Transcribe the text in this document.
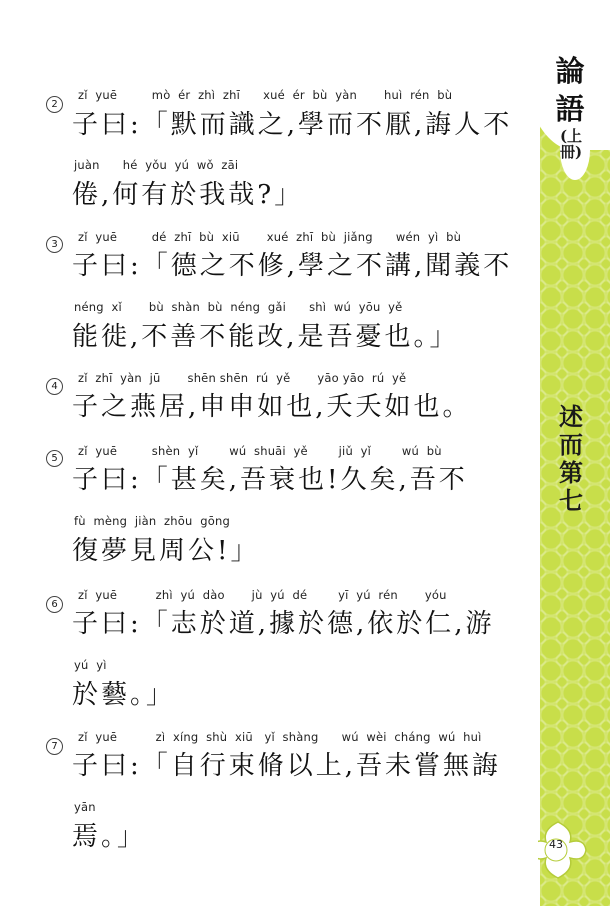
論語
(上冊)
述而第七
43
2
zǐ  yuē         mò  ér  zhì  zhī      xué  ér  bù  yàn       huì  rén  bù
子曰:「默而識之,學而不厭,誨人不
juàn      hé  yǒu  yú  wǒ  zāi
倦,何有於我哉?」
3
zǐ  yuē         dé  zhī  bù  xiū       xué  zhī  bù  jiǎng      wén  yì  bù
子曰:「德之不修,學之不講,聞義不
néng  xǐ       bù  shàn  bù  néng  gǎi      shì  wú  yōu  yě
能徙,不善不能改,是吾憂也。」
4
zǐ  zhī  yàn  jū       shēn shēn  rú  yě       yāo yāo  rú  yě
子之燕居,申申如也,夭夭如也。
5
zǐ  yuē         shèn  yǐ        wú  shuāi  yě        jiǔ  yǐ        wú  bù
子曰:「甚矣,吾衰也!久矣,吾不
fù  mèng  jiàn  zhōu  gōng
復夢見周公!」
6
zǐ  yuē          zhì  yú  dào       jù  yú  dé        yī  yú  rén       yóu
子曰:「志於道,據於德,依於仁,游
yú  yì
於藝。」
7
zǐ  yuē          zì  xíng  shù  xiū   yǐ  shàng      wú  wèi  cháng  wú  huì
子曰:「自行束脩以上,吾未嘗無誨
yān
焉。」
